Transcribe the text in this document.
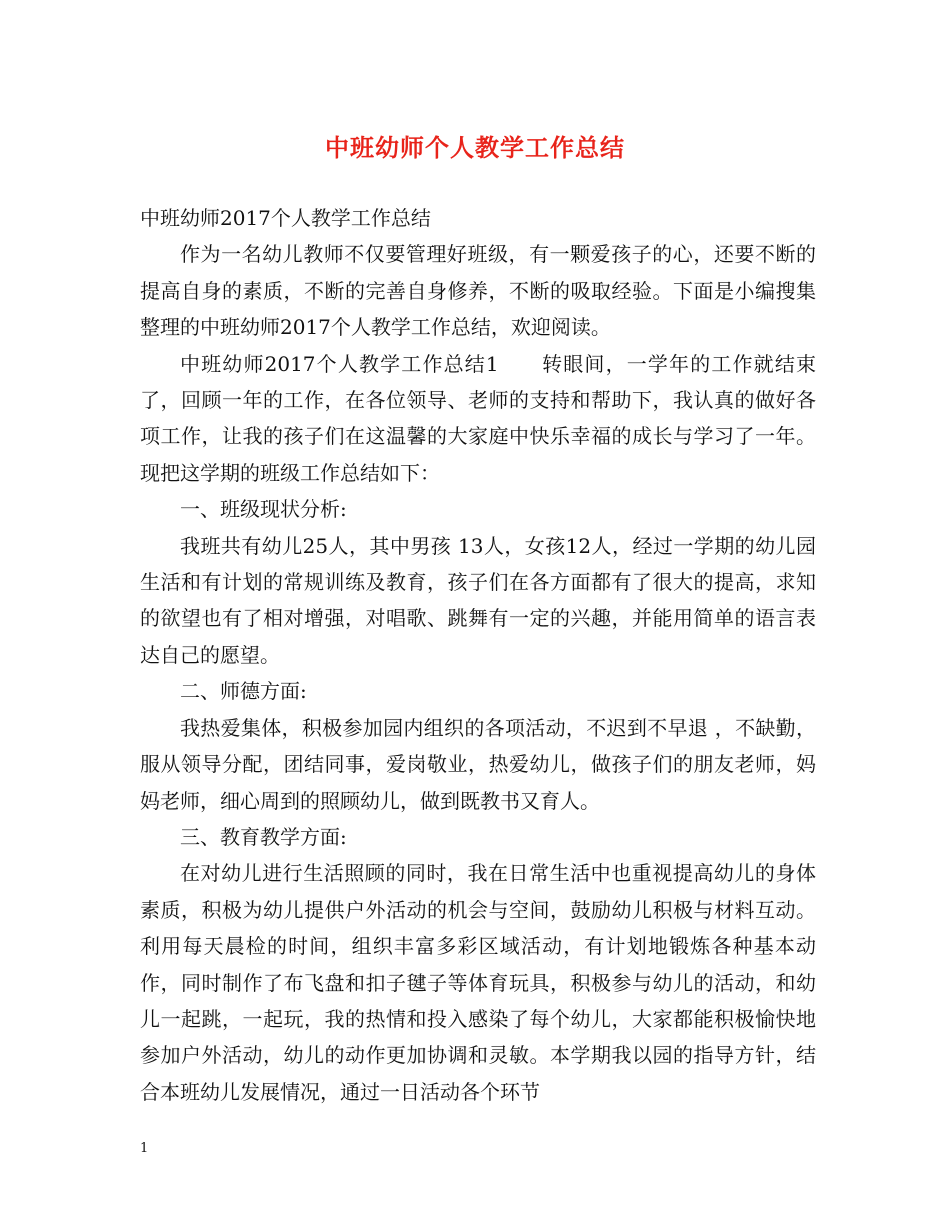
中班幼师个人教学工作总结

中班幼师2017个人教学工作总结

作为一名幼儿教师不仅要管理好班级，有一颗爱孩子的心，还要不断的提高自身的素质，不断的完善自身修养，不断的吸取经验。下面是小编搜集整理的中班幼师2017个人教学工作总结，欢迎阅读。

中班幼师2017个人教学工作总结1　　转眼间，一学年的工作就结束了，回顾一年的工作，在各位领导、老师的支持和帮助下，我认真的做好各项工作，让我的孩子们在这温馨的大家庭中快乐幸福的成长与学习了一年。现把这学期的班级工作总结如下：

一、班级现状分析:

我班共有幼儿25人，其中男孩 13人，女孩12人，经过一学期的幼儿园生活和有计划的常规训练及教育，孩子们在各方面都有了很大的提高，求知的欲望也有了相对增强，对唱歌、跳舞有一定的兴趣，并能用简单的语言表达自己的愿望。

二、师德方面:

我热爱集体，积极参加园内组织的各项活动，不迟到不早退 ，不缺勤，服从领导分配，团结同事，爱岗敬业，热爱幼儿，做孩子们的朋友老师，妈妈老师，细心周到的照顾幼儿，做到既教书又育人。

三、教育教学方面:

在对幼儿进行生活照顾的同时，我在日常生活中也重视提高幼儿的身体素质，积极为幼儿提供户外活动的机会与空间，鼓励幼儿积极与材料互动。利用每天晨检的时间，组织丰富多彩区域活动，有计划地锻炼各种基本动作，同时制作了布飞盘和扣子毽子等体育玩具，积极参与幼儿的活动，和幼儿一起跳，一起玩，我的热情和投入感染了每个幼儿，大家都能积极愉快地参加户外活动，幼儿的动作更加协调和灵敏。本学期我以园的指导方针，结合本班幼儿发展情况，通过一日活动各个环节

1
